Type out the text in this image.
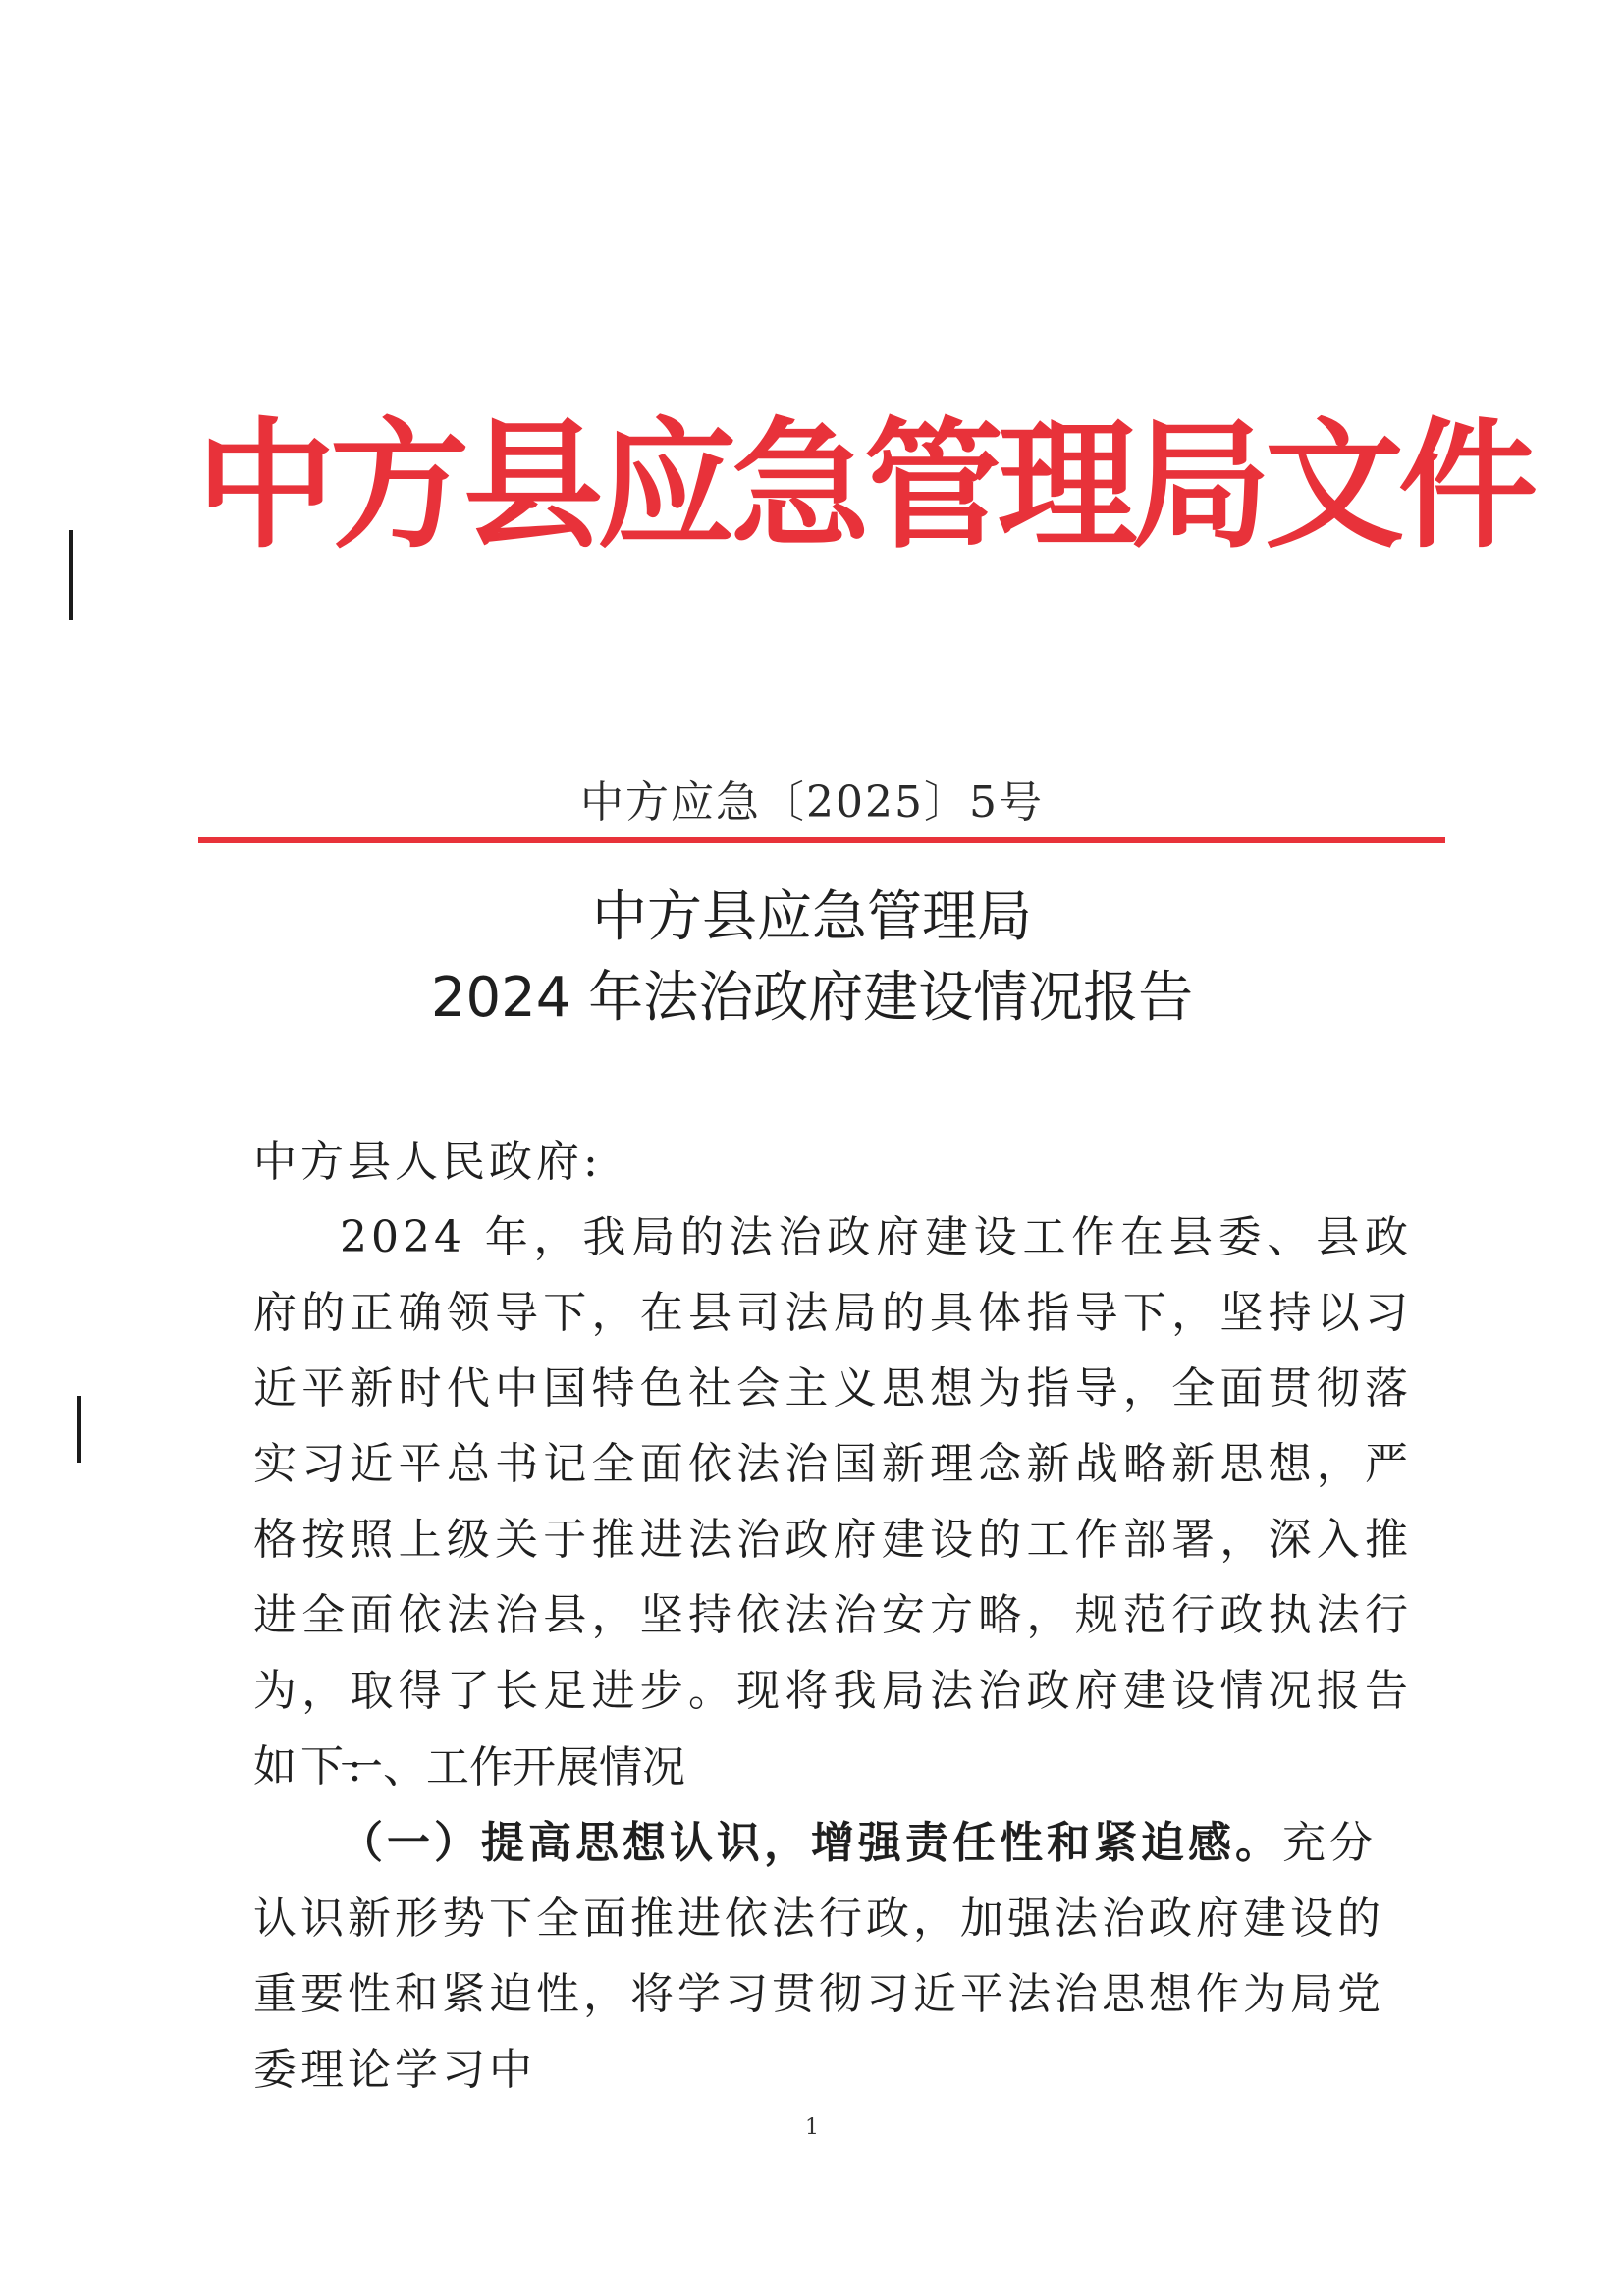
中方县应急管理局文件
中方应急〔2025〕5号
中方县应急管理局
2024 年法治政府建设情况报告
中方县人民政府:
2024 年，我局的法治政府建设工作在县委、县政府的正确领导下，在县司法局的具体指导下，坚持以习近平新时代中国特色社会主义思想为指导，全面贯彻落实习近平总书记全面依法治国新理念新战略新思想，严格按照上级关于推进法治政府建设的工作部署，深入推进全面依法治县，坚持依法治安方略，规范行政执法行为，取得了长足进步。现将我局法治政府建设情况报告如下:
一、工作开展情况
（一）提高思想认识，增强责任性和紧迫感。充分认识新形势下全面推进依法行政，加强法治政府建设的重要性和紧迫性，将学习贯彻习近平法治思想作为局党委理论学习中
1
